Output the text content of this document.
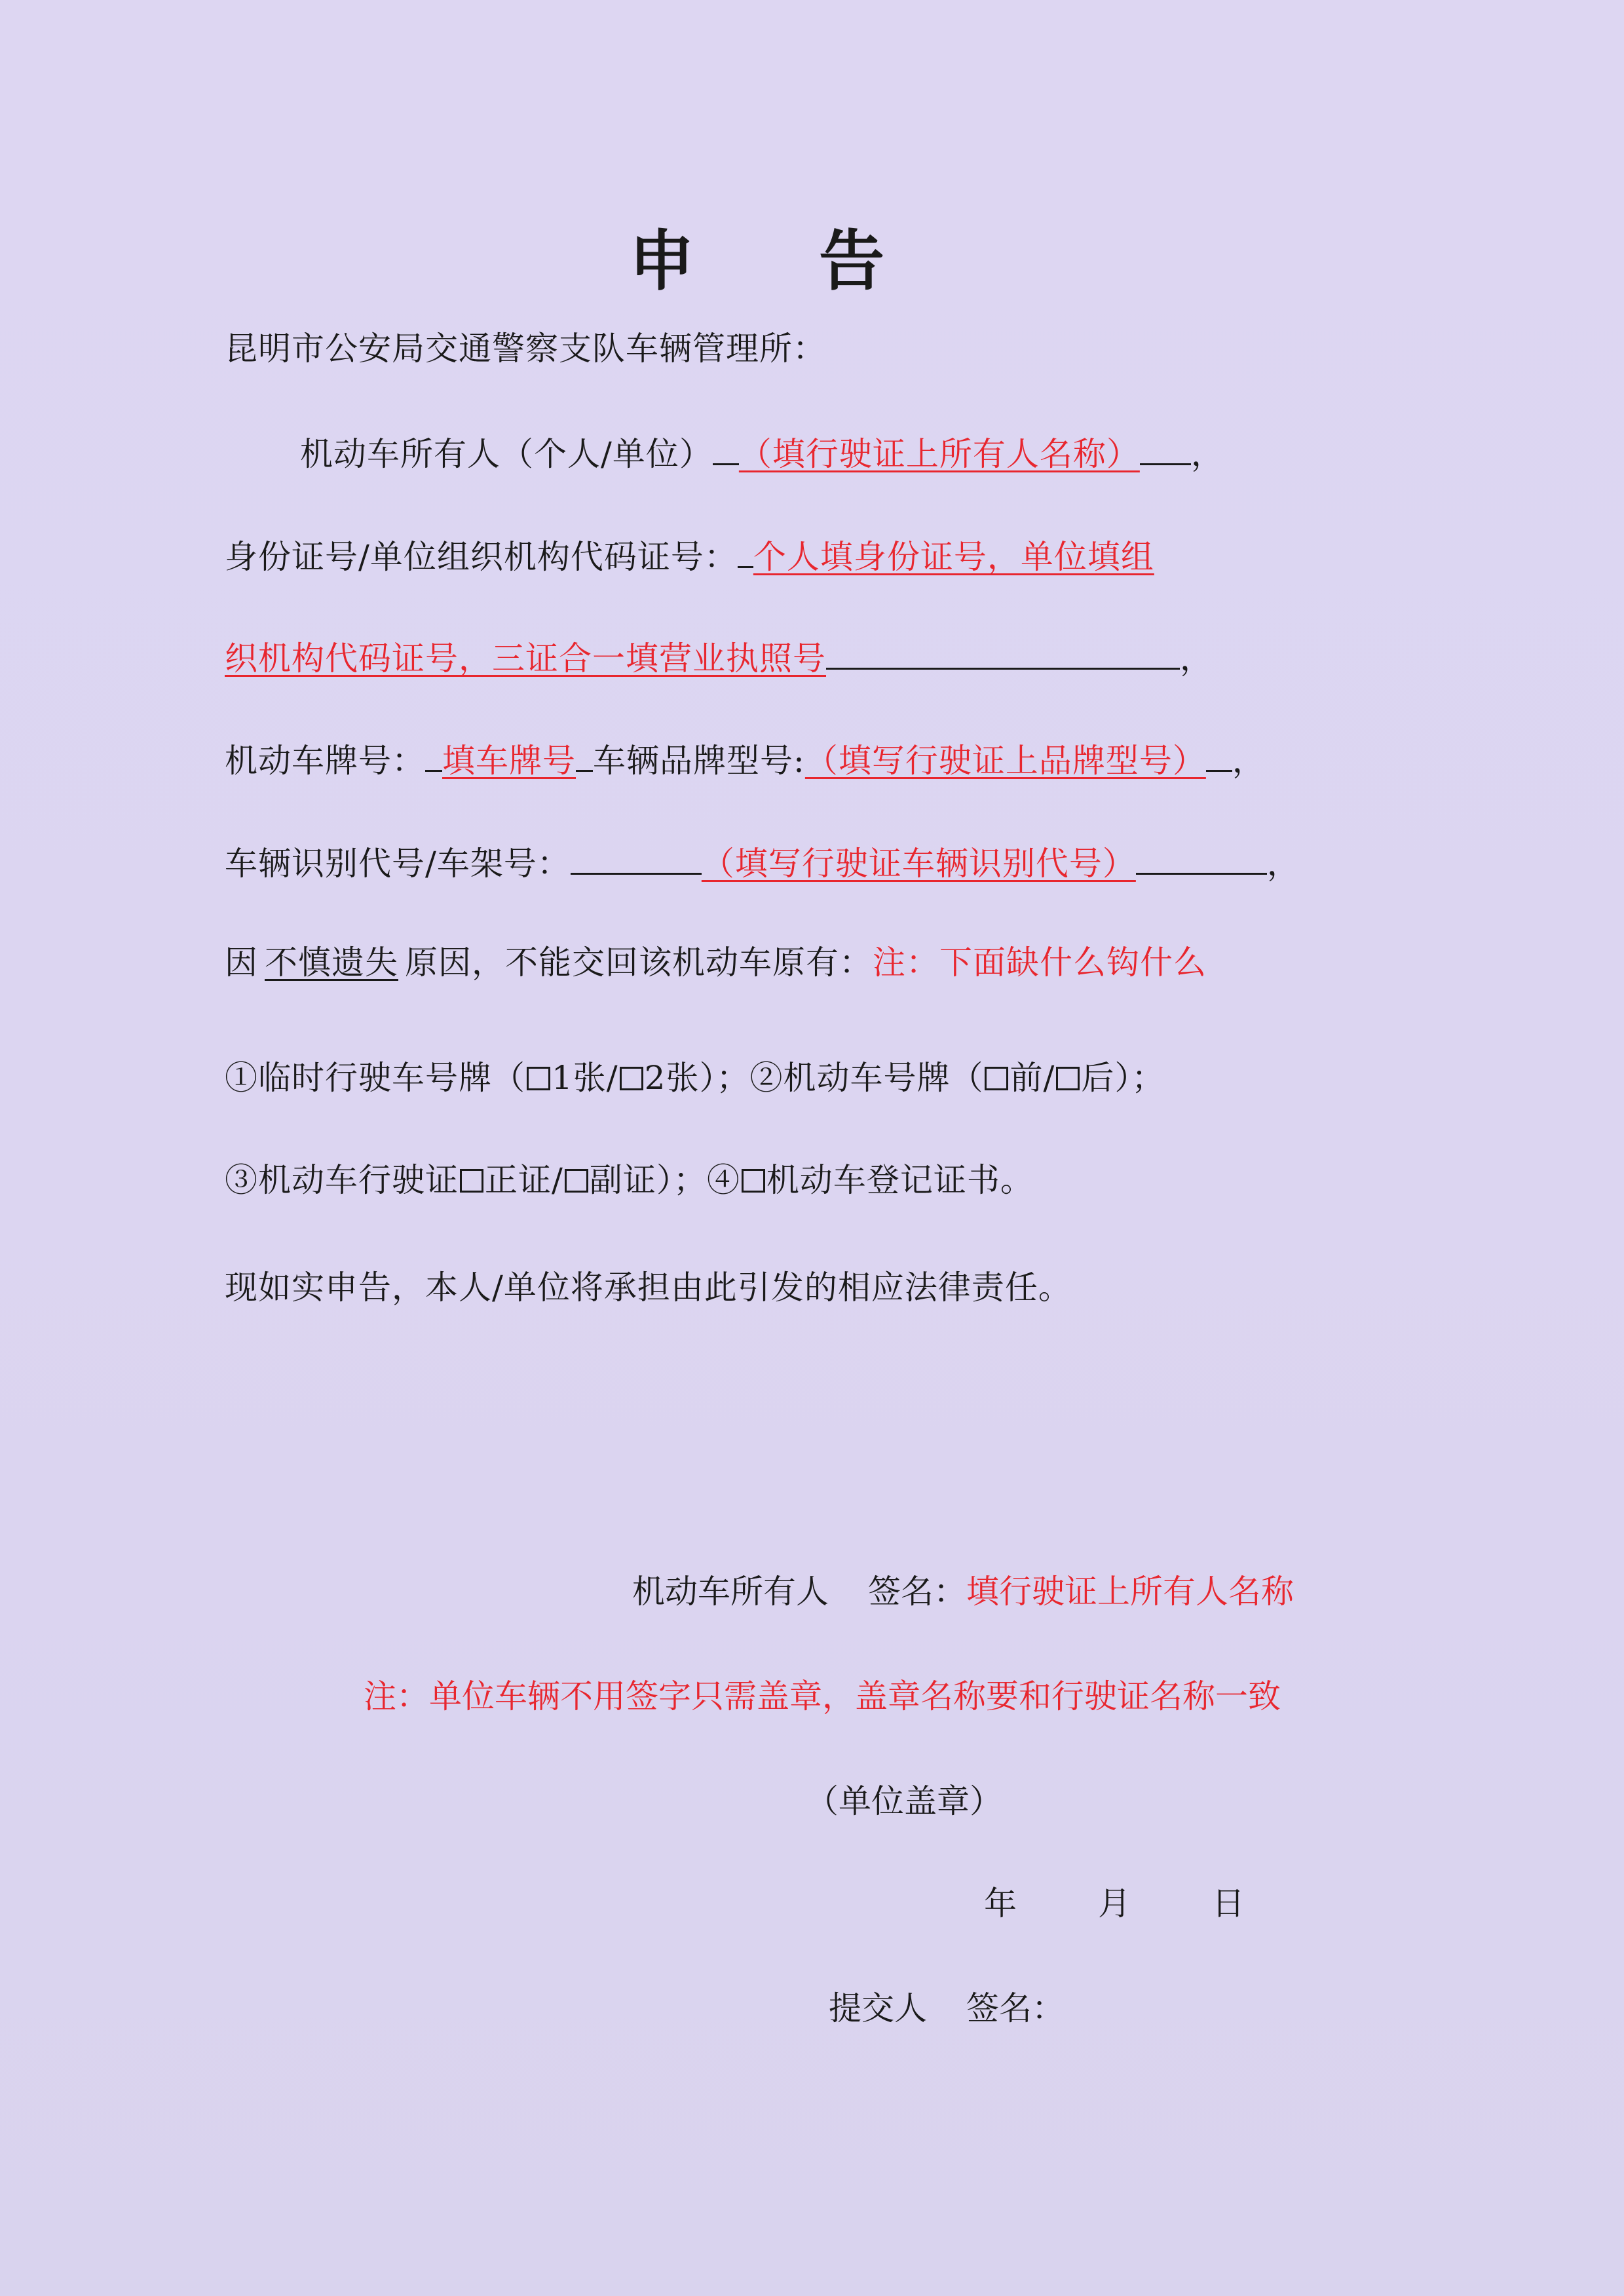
申 告
昆明市公安局交通警察支队车辆管理所：
机动车所有人（个人/单位） （填行驶证上所有人名称） ，
身份证号/单位组织机构代码证号： 个人填身份证号，单位填组
织机构代码证号，三证合一填营业执照号	，
机动车牌号： 填车牌号 车辆品牌型号:（填写行驶证上品牌型号） ，
车辆识别代号/车架号：	（填写行驶证车辆识别代号）	，
因 不慎遗失 原因，不能交回该机动车原有：注：下面缺什么钩什么
①临时行驶车号牌（ 1张/ 2张）；②机动车号牌（ 前/ 后）；
③机动车行驶证 正证/ 副证）；④ 机动车登记证书。
现如实申告，本人/单位将承担由此引发的相应法律责任。
机动车所有人 签名：填行驶证上所有人名称
注：单位车辆不用签字只需盖章，盖章名称要和行驶证名称一致
（单位盖章）
年 月 日
提交人 签名：
